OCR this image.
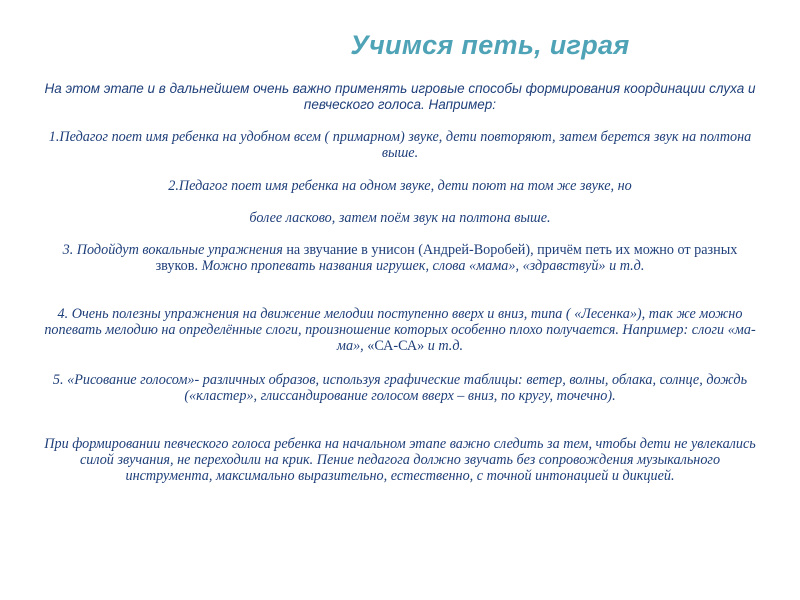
Учимся петь, играя
На этом этапе и в дальнейшем очень важно применять игровые способы формирования координации слуха и певческого голоса. Например:
1.Педагог поет имя ребенка на удобном всем ( примарном) звуке, дети повторяют, затем берется звук на полтона выше.
2.Педагог поет имя ребенка на одном звуке, дети поют на том же звуке, но
более ласково, затем поём звук на полтона выше.
3. Подойдут вокальные упражнения на звучание в унисон (Андрей-Воробей), причём петь их можно от разных звуков. Можно пропевать названия игрушек, слова «мама», «здравствуй» и т.д.
4. Очень полезны упражнения на движение мелодии поступенно вверх и вниз, типа ( «Лесенка»), так же можно попевать мелодию на определённые слоги, произношение которых особенно плохо получается. Например: слоги «ма-ма», «СА-СА» и т.д.
5. «Рисование голосом»- различных образов, используя графические таблицы: ветер, волны, облака, солнце, дождь («кластер», глиссандирование голосом вверх – вниз, по кругу, точечно).
При формировании певческого голоса ребенка на начальном этапе важно следить за тем, чтобы дети не увлекались силой звучания, не переходили на крик. Пение педагога должно звучать без сопровождения музыкального инструмента, максимально выразительно, естественно, с точной интонацией и дикцией.
